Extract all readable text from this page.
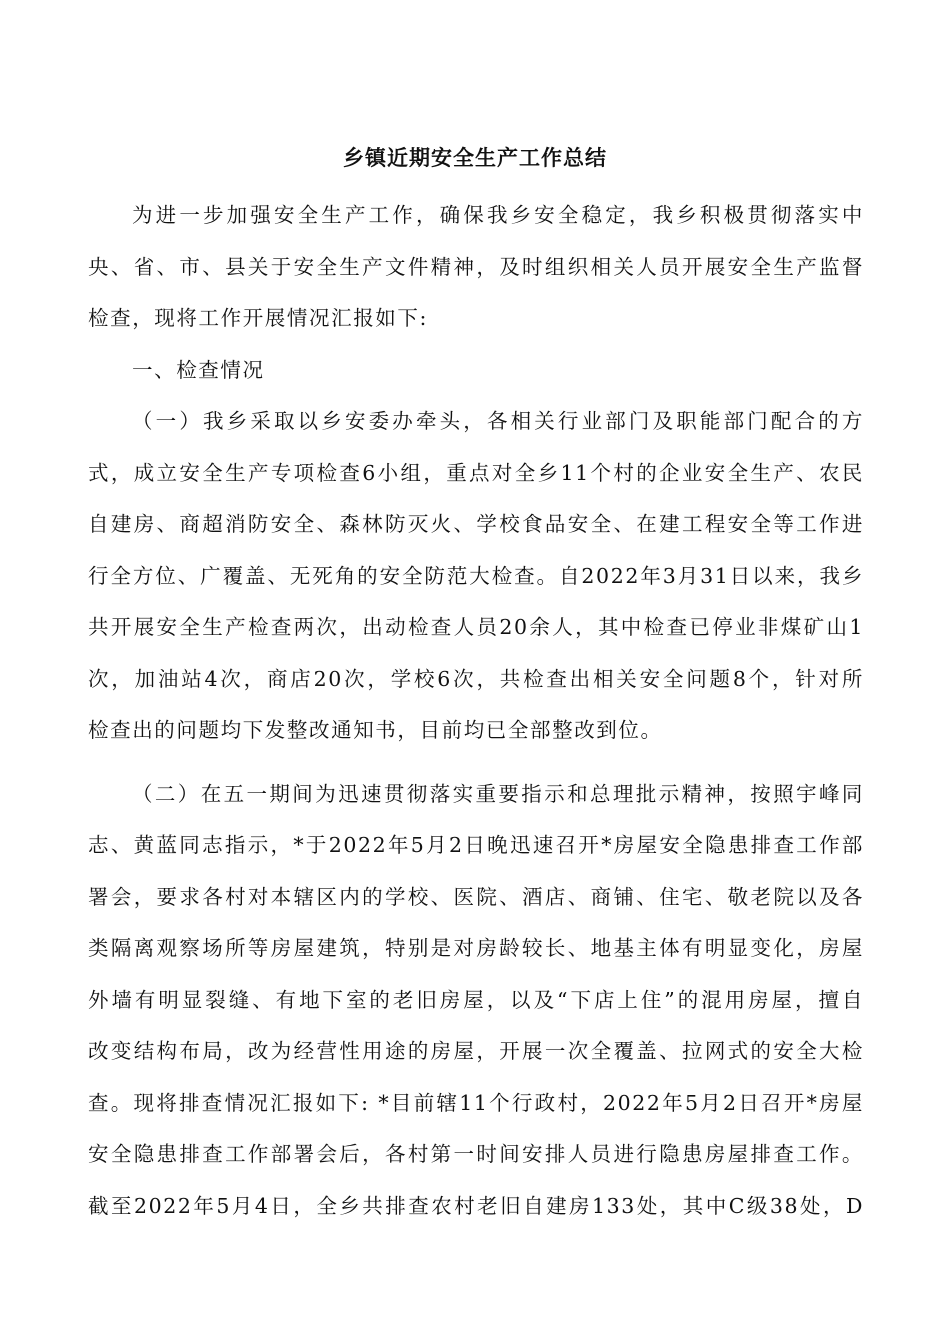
乡镇近期安全生产工作总结
为进一步加强安全生产工作，确保我乡安全稳定，我乡积极贯彻落实中
央、省、市、县关于安全生产文件精神，及时组织相关人员开展安全生产监督
检查，现将工作开展情况汇报如下:
一、检查情况
（一）我乡采取以乡安委办牵头，各相关行业部门及职能部门配合的方
式，成立安全生产专项检查6小组，重点对全乡11个村的企业安全生产、农民
自建房、商超消防安全、森林防灭火、学校食品安全、在建工程安全等工作进
行全方位、广覆盖、无死角的安全防范大检查。自2022年3月31日以来，我乡
共开展安全生产检查两次，出动检查人员20余人，其中检查已停业非煤矿山1
次，加油站4次，商店20次，学校6次，共检查出相关安全问题8个，针对所
检查出的问题均下发整改通知书，目前均已全部整改到位。
（二）在五一期间为迅速贯彻落实重要指示和总理批示精神，按照宇峰同
志、黄蓝同志指示，*于2022年5月2日晚迅速召开*房屋安全隐患排查工作部
署会，要求各村对本辖区内的学校、医院、酒店、商铺、住宅、敬老院以及各
类隔离观察场所等房屋建筑，特别是对房龄较长、地基主体有明显变化，房屋
外墙有明显裂缝、有地下室的老旧房屋，以及“下店上住”的混用房屋，擅自
改变结构布局，改为经营性用途的房屋，开展一次全覆盖、拉网式的安全大检
查。现将排查情况汇报如下: *目前辖11个行政村，2022年5月2日召开*房屋
安全隐患排查工作部署会后，各村第一时间安排人员进行隐患房屋排查工作。
截至2022年5月4日，全乡共排查农村老旧自建房133处，其中C级38处，D
